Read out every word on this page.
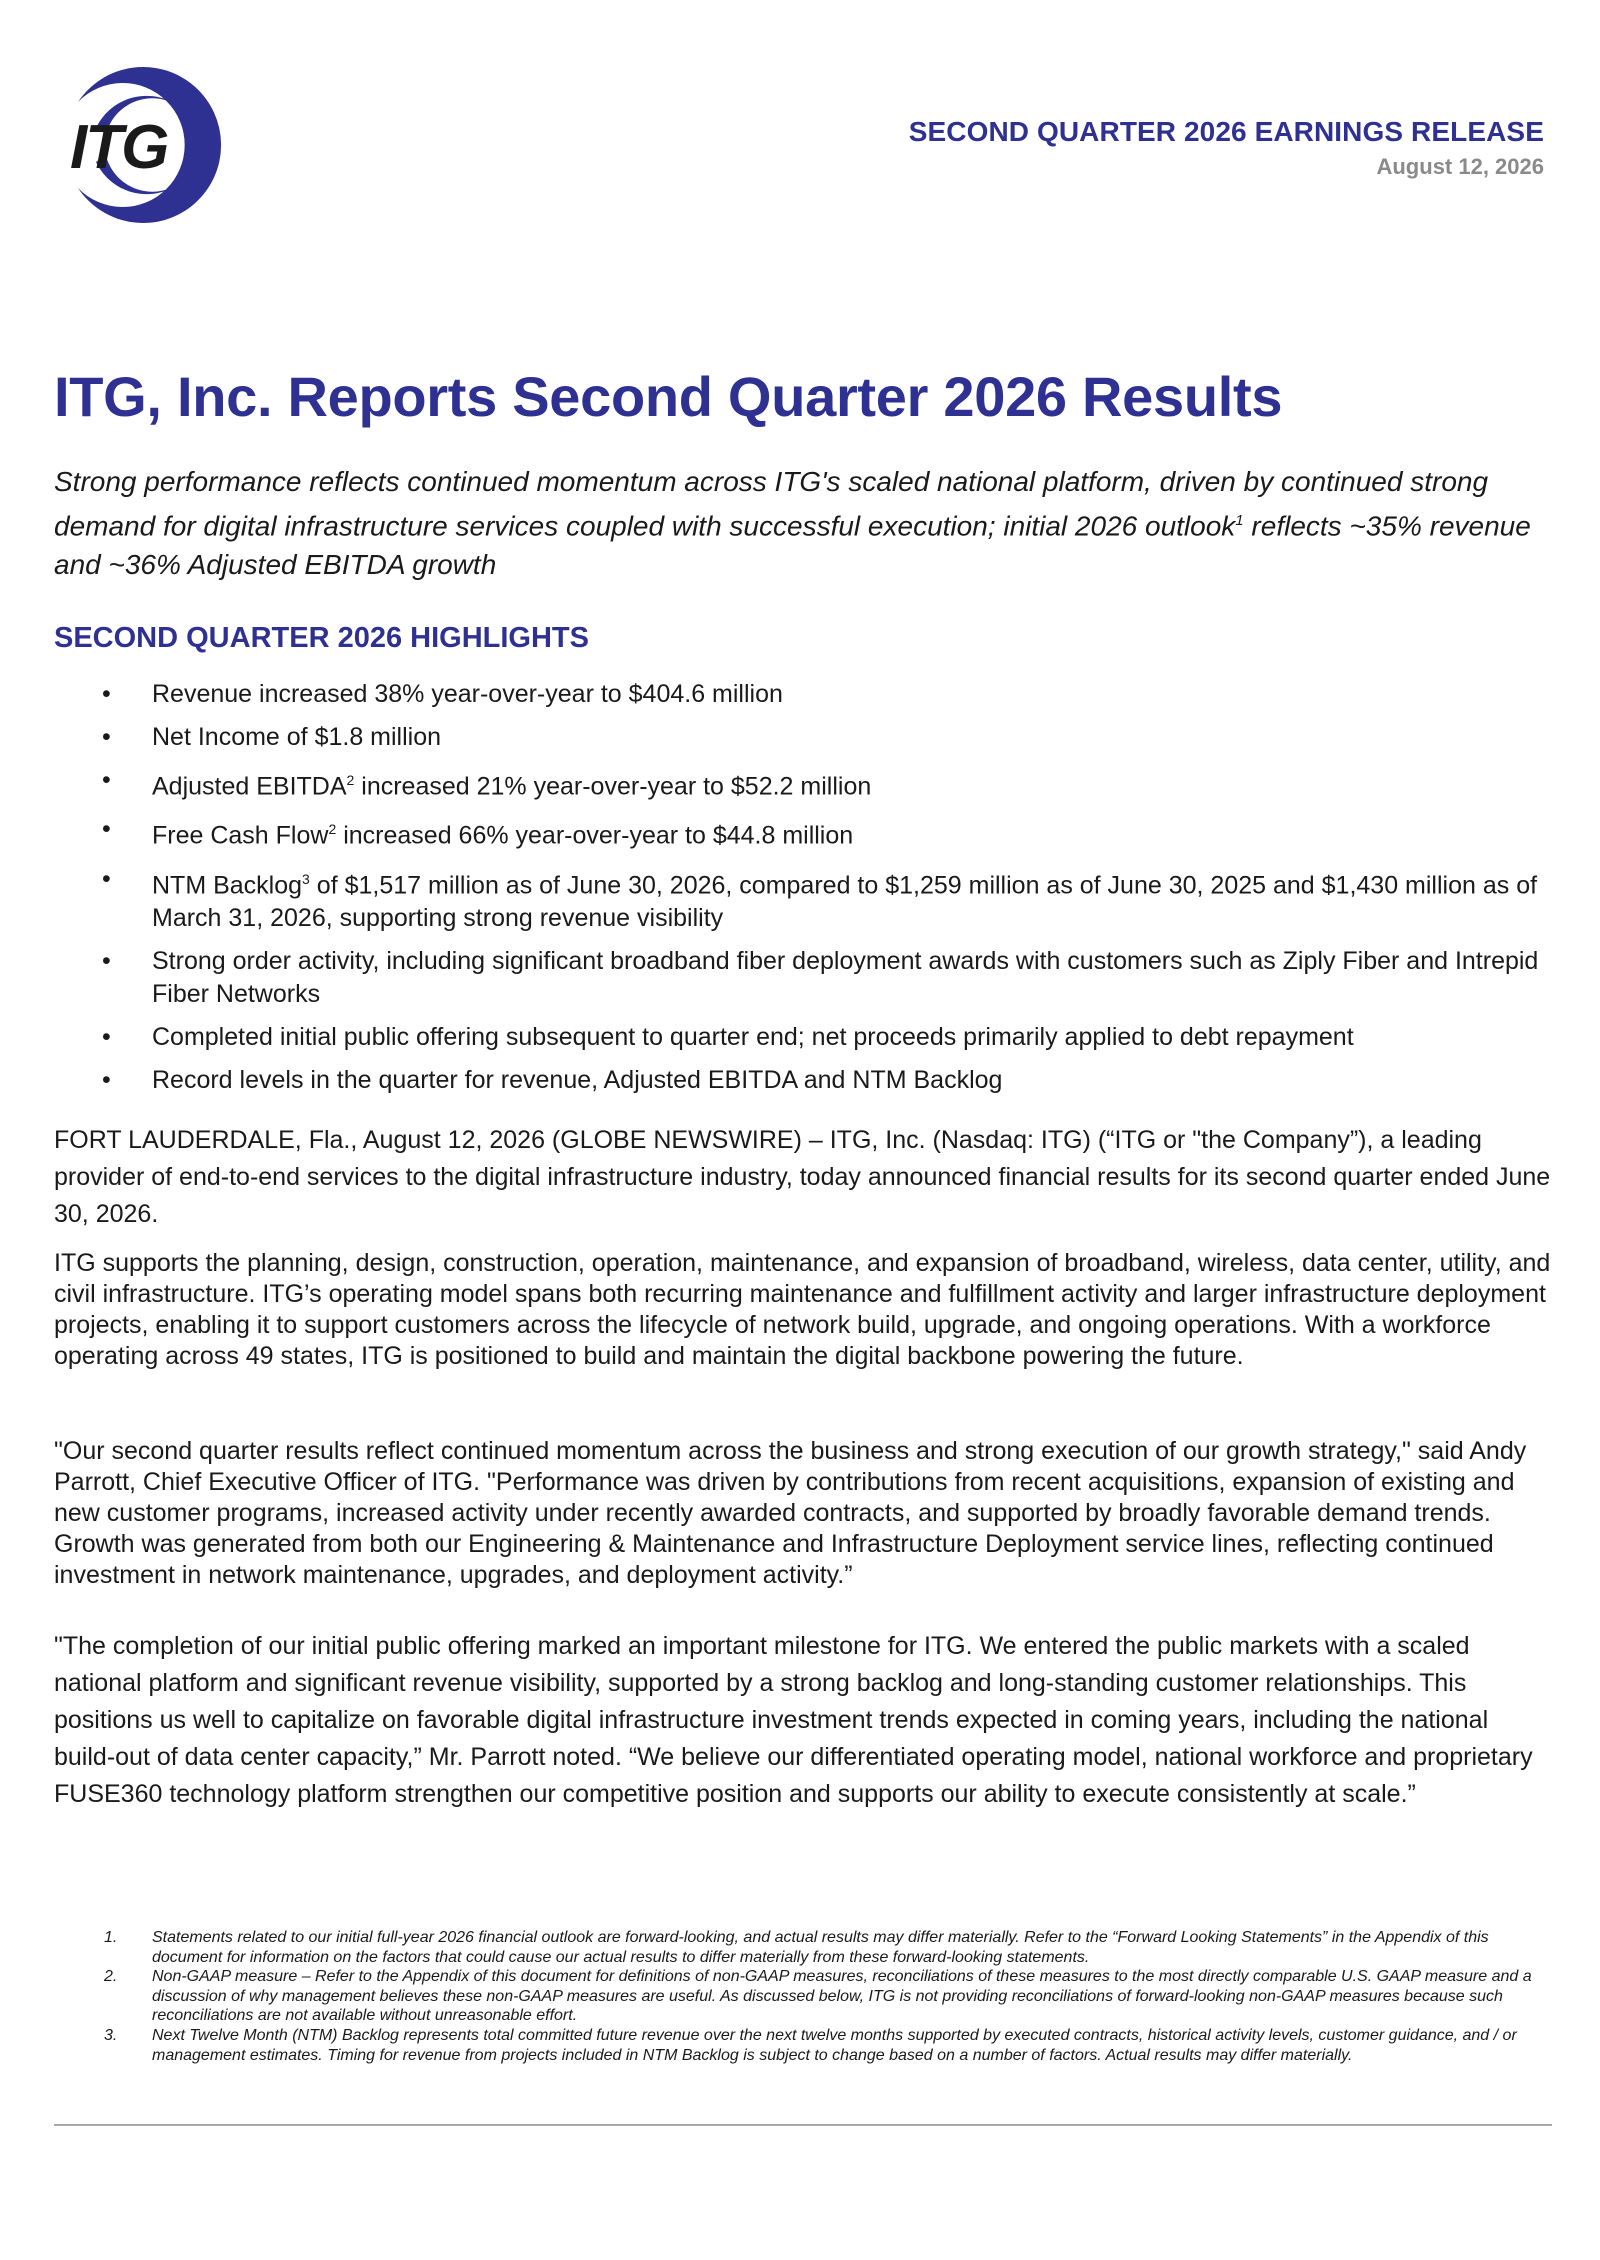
ITG	SECOND QUARTER 2026 EARNINGS RELEASE
August 12, 2026
ITG, Inc. Reports Second Quarter 2026 Results

Strong performance reflects continued momentum across ITG's scaled national platform, driven by continued strong demand for digital infrastructure services coupled with successful execution; initial 2026 outlook$^1$ reflects ~35% revenue and ~36% Adjusted EBITDA growth

SECOND QUARTER 2026 HIGHLIGHTS
• Revenue increased 38% year-over-year to $404.6 million
• Net Income of $1.8 million
• Adjusted EBITDA$^2$ increased 21% year-over-year to $52.2 million
• Free Cash Flow$^2$ increased 66% year-over-year to $44.8 million
• NTM Backlog$^3$ of $1,517 million as of June 30, 2026, compared to $1,259 million as of June 30, 2025 and $1,430 million as of March 31, 2026, supporting strong revenue visibility
• Strong order activity, including significant broadband fiber deployment awards with customers such as Ziply Fiber and Intrepid Fiber Networks
• Completed initial public offering subsequent to quarter end; net proceeds primarily applied to debt repayment
• Record levels in the quarter for revenue, Adjusted EBITDA and NTM Backlog

FORT LAUDERDALE, Fla., August 12, 2026 (GLOBE NEWSWIRE) – ITG, Inc. (Nasdaq: ITG) (“ITG or "the Company”), a leading provider of end-to-end services to the digital infrastructure industry, today announced financial results for its second quarter ended June 30, 2026.

ITG supports the planning, design, construction, operation, maintenance, and expansion of broadband, wireless, data center, utility, and civil infrastructure. ITG’s operating model spans both recurring maintenance and fulfillment activity and larger infrastructure deployment projects, enabling it to support customers across the lifecycle of network build, upgrade, and ongoing operations. With a workforce operating across 49 states, ITG is positioned to build and maintain the digital backbone powering the future.

"Our second quarter results reflect continued momentum across the business and strong execution of our growth strategy," said Andy Parrott, Chief Executive Officer of ITG. "Performance was driven by contributions from recent acquisitions, expansion of existing and new customer programs, increased activity under recently awarded contracts, and supported by broadly favorable demand trends. Growth was generated from both our Engineering & Maintenance and Infrastructure Deployment service lines, reflecting continued investment in network maintenance, upgrades, and deployment activity.”

"The completion of our initial public offering marked an important milestone for ITG. We entered the public markets with a scaled national platform and significant revenue visibility, supported by a strong backlog and long-standing customer relationships. This positions us well to capitalize on favorable digital infrastructure investment trends expected in coming years, including the national build-out of data center capacity,” Mr. Parrott noted. “We believe our differentiated operating model, national workforce and proprietary FUSE360 technology platform strengthen our competitive position and supports our ability to execute consistently at scale.”

1. Statements related to our initial full-year 2026 financial outlook are forward-looking, and actual results may differ materially. Refer to the “Forward Looking Statements” in the Appendix of this document for information on the factors that could cause our actual results to differ materially from these forward-looking statements.
2. Non-GAAP measure – Refer to the Appendix of this document for definitions of non-GAAP measures, reconciliations of these measures to the most directly comparable U.S. GAAP measure and a discussion of why management believes these non-GAAP measures are useful. As discussed below, ITG is not providing reconciliations of forward-looking non-GAAP measures because such reconciliations are not available without unreasonable effort.
3. Next Twelve Month (NTM) Backlog represents total committed future revenue over the next twelve months supported by executed contracts, historical activity levels, customer guidance, and / or management estimates. Timing for revenue from projects included in NTM Backlog is subject to change based on a number of factors. Actual results may differ materially.
